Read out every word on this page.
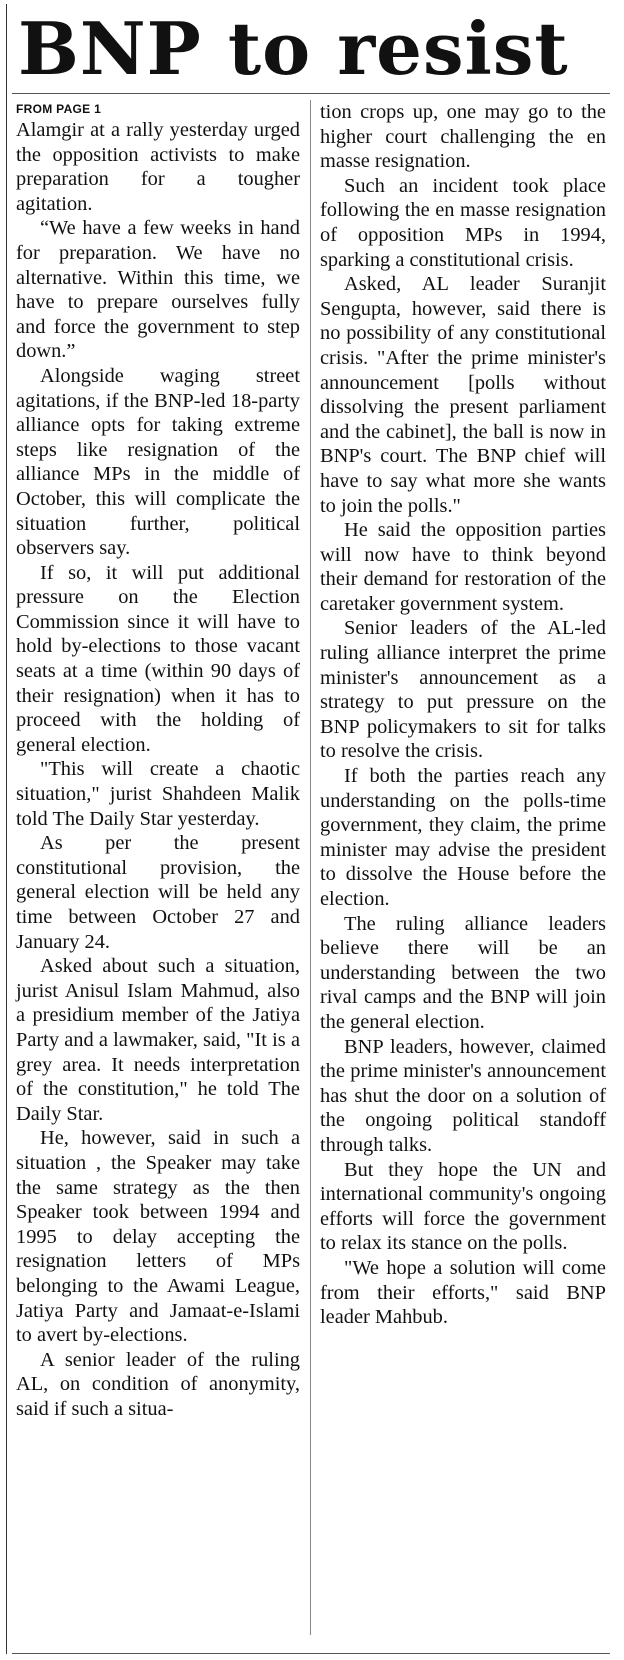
BNP to resist
FROM PAGE 1

Alamgir at a rally yesterday urged the opposition activists to make preparation for a tougher agitation.

“We have a few weeks in hand for preparation. We have no alternative. Within this time, we have to prepare ourselves fully and force the government to step down.”

Alongside waging street agitations, if the BNP-led 18-party alliance opts for taking extreme steps like resignation of the alliance MPs in the middle of October, this will complicate the situation further, political observers say.

If so, it will put additional pressure on the Election Commission since it will have to hold by-elections to those vacant seats at a time (within 90 days of their resignation) when it has to proceed with the holding of general election.

"This will create a chaotic situation," jurist Shahdeen Malik told The Daily Star yesterday.

As per the present constitutional provision, the general election will be held any time between October 27 and January 24.

Asked about such a situation, jurist Anisul Islam Mahmud, also a presidium member of the Jatiya Party and a lawmaker, said, "It is a grey area. It needs interpretation of the constitution," he told The Daily Star.

He, however, said in such a situation , the Speaker may take the same strategy as the then Speaker took between 1994 and 1995 to delay accepting the resignation letters of MPs belonging to the Awami League, Jatiya Party and Jamaat-e-Islami to avert by-elections.

A senior leader of the ruling AL, on condition of anonymity, said if such a situa-

tion crops up, one may go to the higher court challenging the en masse resignation.

Such an incident took place following the en masse resignation of opposition MPs in 1994, sparking a constitutional crisis.

Asked, AL leader Suranjit Sengupta, however, said there is no possibility of any constitutional crisis. "After the prime minister's announcement [polls without dissolving the present parliament and the cabinet], the ball is now in BNP's court. The BNP chief will have to say what more she wants to join the polls."

He said the opposition parties will now have to think beyond their demand for restoration of the caretaker government system.

Senior leaders of the AL-led ruling alliance interpret the prime minister's announcement as a strategy to put pressure on the BNP policymakers to sit for talks to resolve the crisis.

If both the parties reach any understanding on the polls-time government, they claim, the prime minister may advise the president to dissolve the House before the election.

The ruling alliance leaders believe there will be an understanding between the two rival camps and the BNP will join the general election.

BNP leaders, however, claimed the prime minister's announcement has shut the door on a solution of the ongoing political standoff through talks.

But they hope the UN and international community's ongoing efforts will force the government to relax its stance on the polls.

"We hope a solution will come from their efforts," said BNP leader Mahbub.
